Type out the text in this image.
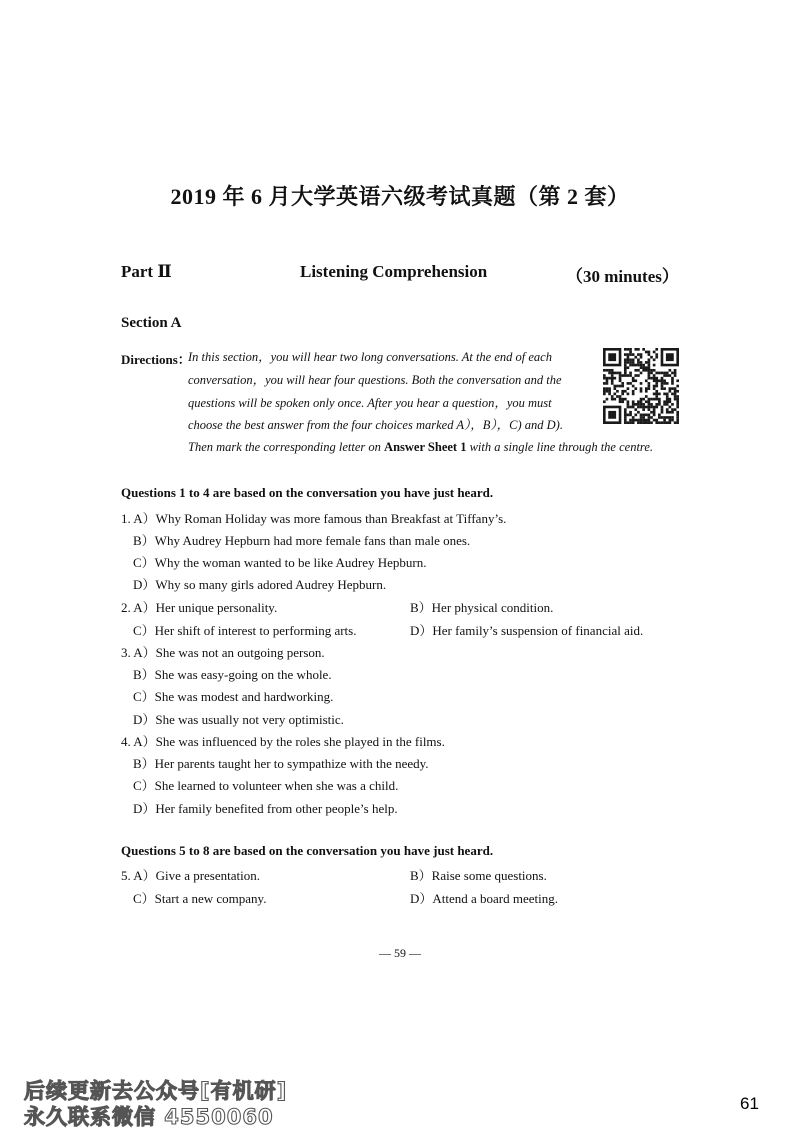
2019 年 6 月大学英语六级考试真题（第 2 套）
Part Ⅱ	Listening Comprehension	（30 minutes）
Section A
Directions：
In this section，you will hear two long conversations. At the end of each
conversation，you will hear four questions. Both the conversation and the
questions will be spoken only once. After you hear a question，you must
choose the best answer from the four choices marked A），B），C) and D).
Then mark the corresponding letter on Answer Sheet 1 with a single line through the centre.
Questions 1 to 4 are based on the conversation you have just heard.
1. A）Why Roman Holiday was more famous than Breakfast at Tiffany’s.
B）Why Audrey Hepburn had more female fans than male ones.
C）Why the woman wanted to be like Audrey Hepburn.
D）Why so many girls adored Audrey Hepburn.
2. A）Her unique personality.	B）Her physical condition.
C）Her shift of interest to performing arts.	D）Her family’s suspension of financial aid.
3. A）She was not an outgoing person.
B）She was easy-going on the whole.
C）She was modest and hardworking.
D）She was usually not very optimistic.
4. A）She was influenced by the roles she played in the films.
B）Her parents taught her to sympathize with the needy.
C）She learned to volunteer when she was a child.
D）Her family benefited from other people’s help.
Questions 5 to 8 are based on the conversation you have just heard.
5. A）Give a presentation.	B）Raise some questions.
C）Start a new company.	D）Attend a board meeting.
— 59 —
后续更新去公众号[有机研]
永久联系微信 4550060
61
